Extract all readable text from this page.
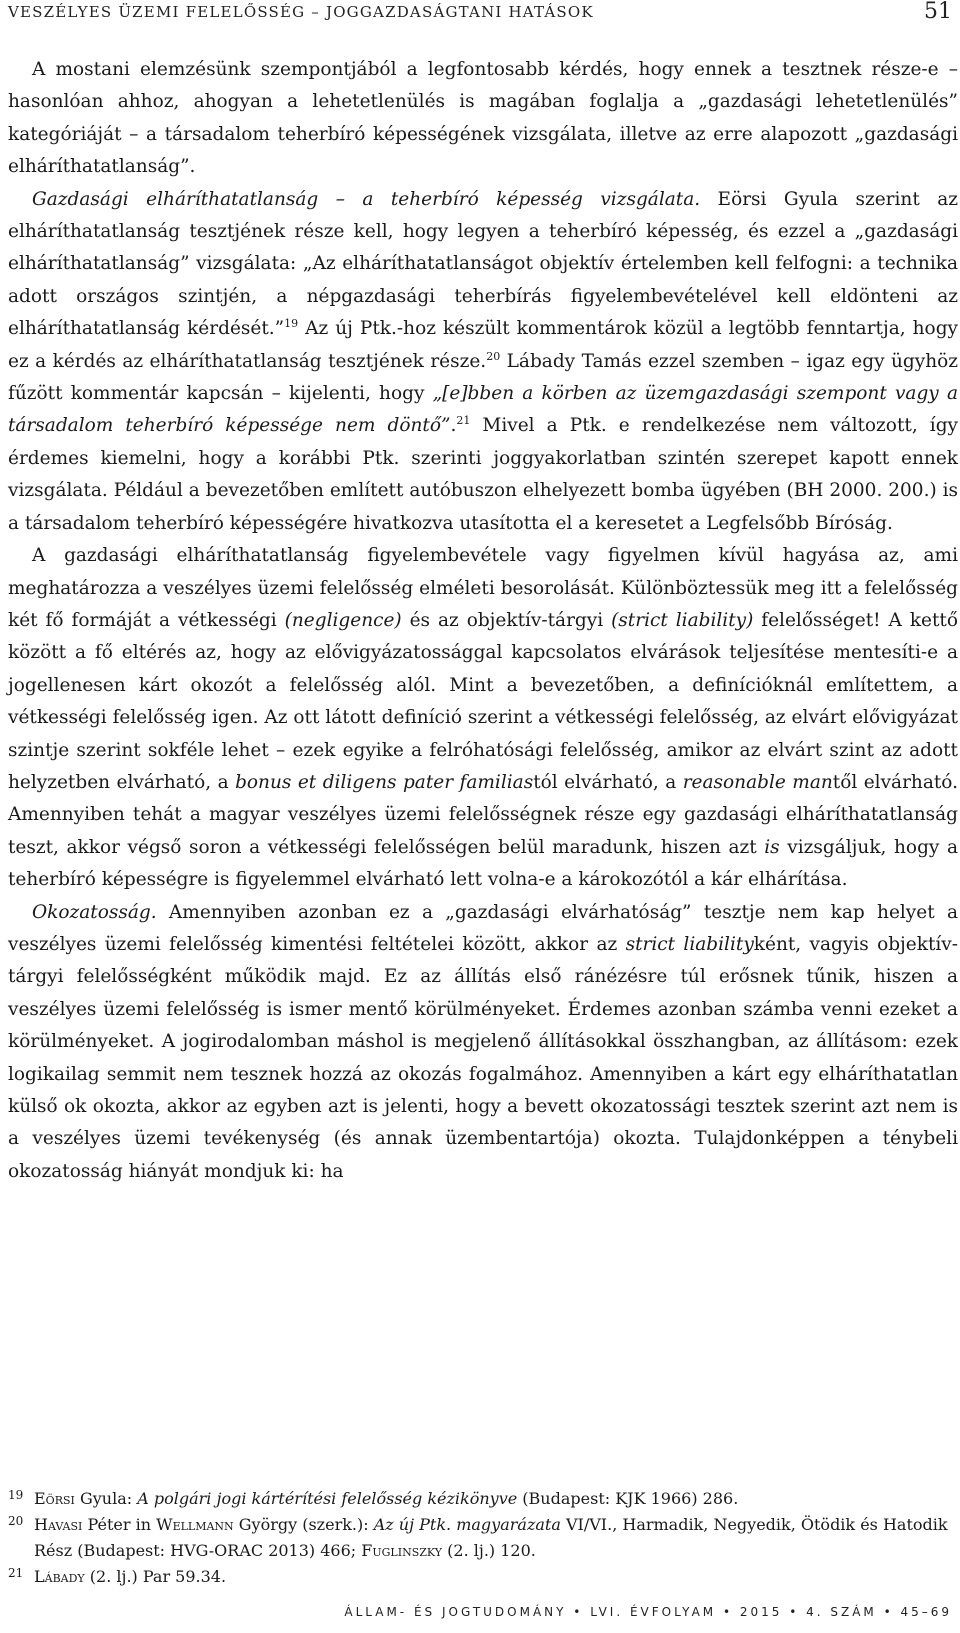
VESZÉLYES ÜZEMI FELELŐSSÉG – JOGGAZDASÁGTANI HATÁSOK	51

A mostani elemzésünk szempontjából a legfontosabb kérdés, hogy ennek a tesztnek része-e – hasonlóan ahhoz, ahogyan a lehetetlenülés is magában foglalja a „gazdasági lehetetlenülés” kategóriáját – a társadalom teherbíró képességének vizsgálata, illetve az erre alapozott „gazdasági elháríthatatlanság”.

Gazdasági elháríthatatlanság – a teherbíró képesség vizsgálata. Eörsi Gyula szerint az elháríthatatlanság tesztjének része kell, hogy legyen a teherbíró képesség, és ezzel a „gazdasági elháríthatatlanság” vizsgálata: „Az elháríthatatlanságot objektív értelemben kell felfogni: a technika adott országos szintjén, a népgazdasági teherbírás figyelembevételével kell eldönteni az elháríthatatlanság kérdését.”$^{19}$ Az új Ptk.-hoz készült kommentárok közül a legtöbb fenntartja, hogy ez a kérdés az elháríthatatlanság tesztjének része.$^{20}$ Lábady Tamás ezzel szemben – igaz egy ügyhöz fűzött kommentár kapcsán – kijelenti, hogy „[e]bben a körben az üzemgazdasági szempont vagy a társadalom teherbíró képessége nem döntő”.$^{21}$ Mivel a Ptk. e rendelkezése nem változott, így érdemes kiemelni, hogy a korábbi Ptk. szerinti joggyakorlatban szintén szerepet kapott ennek vizsgálata. Például a bevezetőben említett autóbuszon elhelyezett bomba ügyében (BH 2000. 200.) is a társadalom teherbíró képességére hivatkozva utasította el a keresetet a Legfelsőbb Bíróság.

A gazdasági elháríthatatlanság figyelembevétele vagy figyelmen kívül hagyása az, ami meghatározza a veszélyes üzemi felelősség elméleti besorolását. Különböztessük meg itt a felelősség két fő formáját a vétkességi (negligence) és az objektív-tárgyi (strict liability) felelősséget! A kettő között a fő eltérés az, hogy az elővigyázatossággal kapcsolatos elvárások teljesítése mentesíti-e a jogellenesen kárt okozót a felelősség alól. Mint a bevezetőben, a definícióknál említettem, a vétkességi felelősség igen. Az ott látott definíció szerint a vétkességi felelősség, az elvárt elővigyázat szintje szerint sokféle lehet – ezek egyike a felróhatósági felelősség, amikor az elvárt szint az adott helyzetben elvárható, a bonus et diligens pater familiastól elvárható, a reasonable mantől elvárható. Amennyiben tehát a magyar veszélyes üzemi felelősségnek része egy gazdasági elháríthatatlanság teszt, akkor végső soron a vétkességi felelősségen belül maradunk, hiszen azt is vizsgáljuk, hogy a teherbíró képességre is figyelemmel elvárható lett volna-e a károkozótól a kár elhárítása.

Okozatosság. Amennyiben azonban ez a „gazdasági elvárhatóság” tesztje nem kap helyet a veszélyes üzemi felelősség kimentési feltételei között, akkor az strict liabilityként, vagyis objektív-tárgyi felelősségként működik majd. Ez az állítás első ránézésre túl erősnek tűnik, hiszen a veszélyes üzemi felelősség is ismer mentő körülményeket. Érdemes azonban számba venni ezeket a körülményeket. A jogirodalomban máshol is megjelenő állításokkal összhangban, az állításom: ezek logikailag semmit nem tesznek hozzá az okozás fogalmához. Amennyiben a kárt egy elháríthatatlan külső ok okozta, akkor az egyben azt is jelenti, hogy a bevett okozatossági tesztek szerint azt nem is a veszélyes üzemi tevékenység (és annak üzembentartója) okozta. Tulajdonképpen a ténybeli okozatosság hiányát mondjuk ki: ha

19 Eörsi Gyula: A polgári jogi kártérítési felelősség kézikönyve (Budapest: KJK 1966) 286.

20 Havasi Péter in Wellmann György (szerk.): Az új Ptk. magyarázata VI/VI., Harmadik, Negyedik, Ötödik és Hatodik Rész (Budapest: HVG-ORAC 2013) 466; Fuglinszky (2. lj.) 120.

21 Lábady (2. lj.) Par 59.34.

ÁLLAM- ÉS JOGTUDOMÁNY • LVI. ÉVFOLYAM • 2015 • 4. SZÁM • 45–69
